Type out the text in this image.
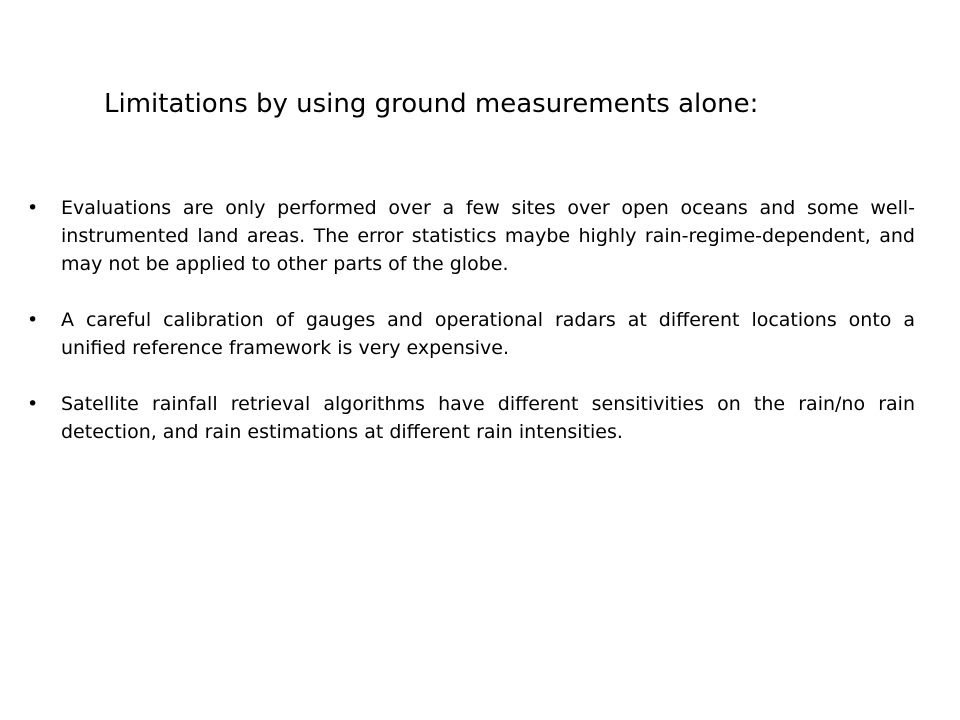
Limitations by using ground measurements alone:
• Evaluations are only performed over a few sites over open oceans and some well-instrumented land areas. The error statistics maybe highly rain-regime-dependent, and may not be applied to other parts of the globe.
• A careful calibration of gauges and operational radars at different locations onto a unified reference framework is very expensive.
• Satellite rainfall retrieval algorithms have different sensitivities on the rain/no rain detection, and rain estimations at different rain intensities.
